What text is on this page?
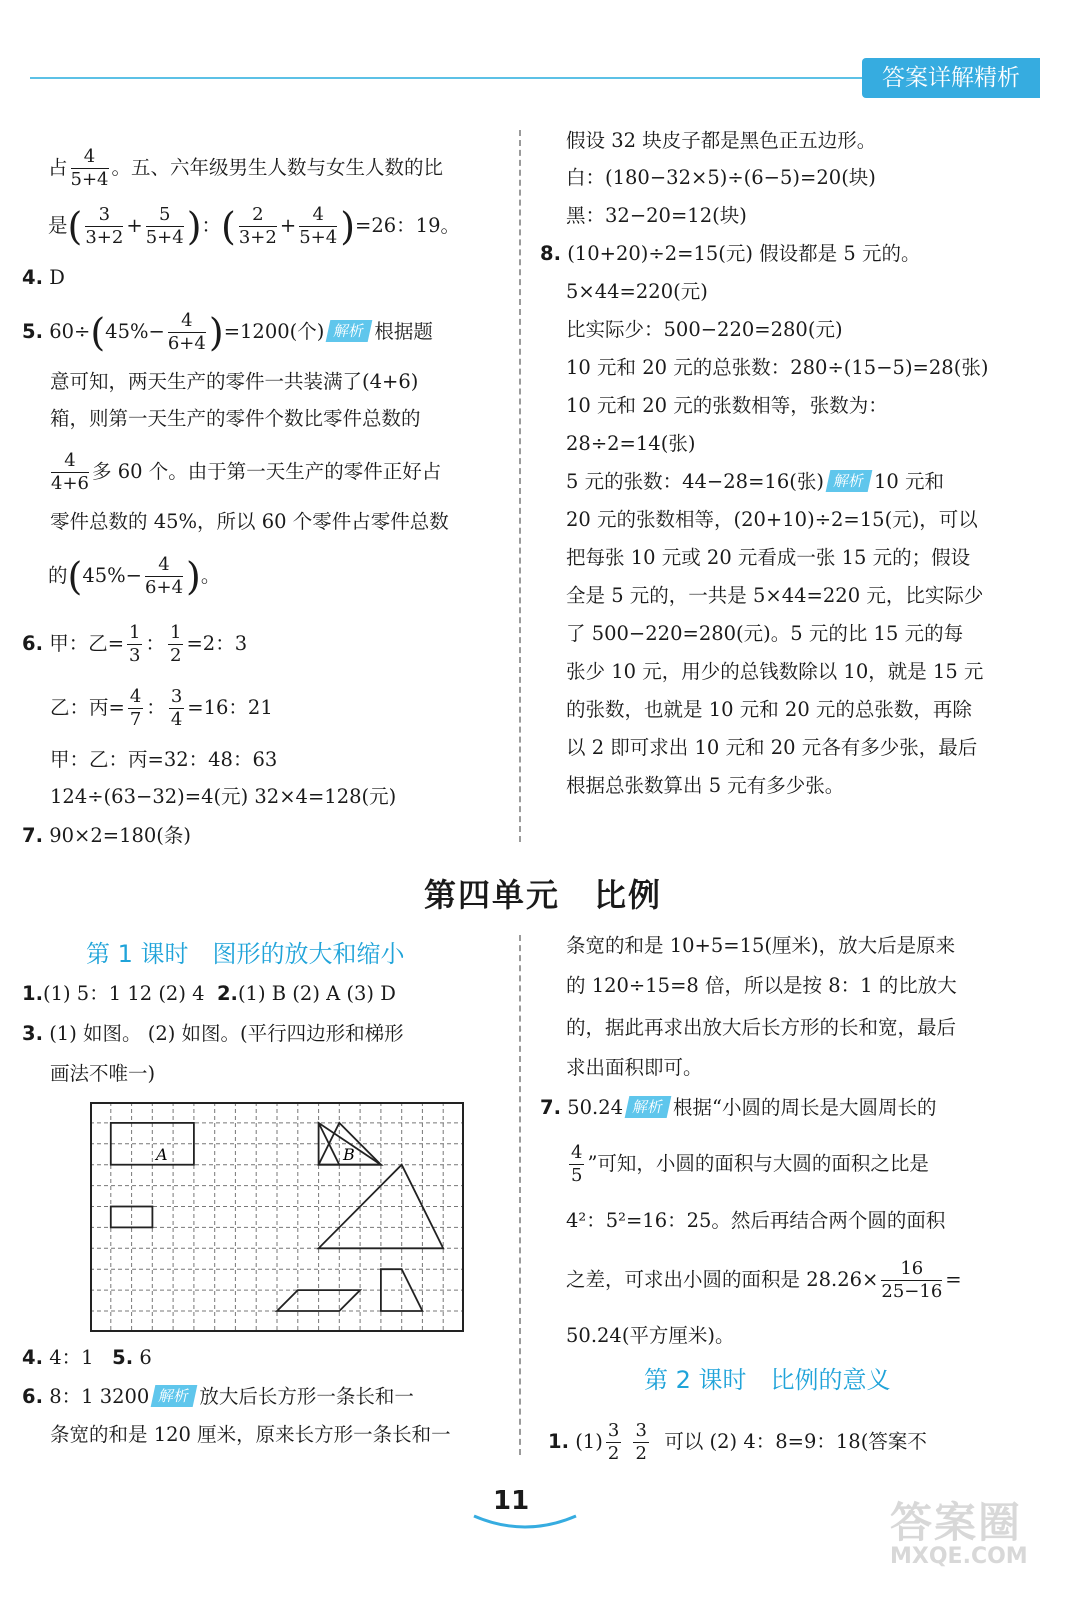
答案详解精析
占 $\frac{4}{5+4}$ 。五、六年级男生人数与女生人数的比
是( $\frac{3}{3+2} + \frac{5}{5+4}$ )：( $\frac{2}{3+2} + \frac{4}{5+4} )=26$：19。
4. D
5. $60\div(45\%- \frac{4}{6+4} )=1200$(个) 解析 根据题
意可知，两天生产的零件一共装满了(4+6)
箱，则第一天生产的零件个数比零件总数的
$\frac{4}{4+6}$ 多 60 个。由于第一天生产的零件正好占
零件总数的 45%，所以 60 个零件占零件总数
的($45\%- \frac{4}{6+4}$ )。
6. 甲：乙= $\frac{1}{3}$ ： $\frac{1}{2} =2$：3
乙：丙= $\frac{4}{7}$ ： $\frac{3}{4} =16$：21
甲：乙：丙=32：48：63
124÷(63−32)=4(元) 32×4=128(元)
7. 90×2=180(条)
假设 32 块皮子都是黑色正五边形。
白：(180−32×5)÷(6−5)=20(块)
黑：32−20=12(块)
8. (10+20)÷2=15(元) 假设都是 5 元的。
5×44=220(元)
比实际少：500−220=280(元)
10 元和 20 元的总张数：280÷(15−5)=28(张)
10 元和 20 元的张数相等，张数为：
28÷2=14(张)
5 元的张数：44−28=16(张) 解析 10 元和
20 元的张数相等，(20+10)÷2=15(元)，可以
把每张 10 元或 20 元看成一张 15 元的；假设
全是 5 元的，一共是 5×44=220 元，比实际少
了 500−220=280(元)。5 元的比 15 元的每
张少 10 元，用少的总钱数除以 10，就是 15 元
的张数，也就是 10 元和 20 元的总张数，再除
以 2 即可求出 10 元和 20 元各有多少张，最后
根据总张数算出 5 元有多少张。
第四单元　比例
第 1 课时　图形的放大和缩小
1.(1) 5：1 12 (2) 4 2.(1) B (2) A (3) D
3. (1) 如图。 (2) 如图。(平行四边形和梯形
画法不唯一)
A	B
4. 4：1 5. 6
6. 8：1 3200 解析 放大后长方形一条长和一
条宽的和是 120 厘米，原来长方形一条长和一
条宽的和是 10+5=15(厘米)，放大后是原来
的 120÷15=8 倍，所以是按 8：1 的比放大
的，据此再求出放大后长方形的长和宽，最后
求出面积即可。
7. 50.24 解析 根据“小圆的周长是大圆周长的
$\frac{4}{5}$ ”可知，小圆的面积与大圆的面积之比是
4²：5²=16：25。然后再结合两个圆的面积
之差，可求出小圆的面积是 $28.26\times \frac{16}{25-16}$ =
50.24(平方厘米)。
第 2 课时　比例的意义
1. $(1) \frac{3}{2}$
$\frac{3}{2}$ 可以 (2) 4：8=9：18(答案不
11	答案圈
MXQE.COM
